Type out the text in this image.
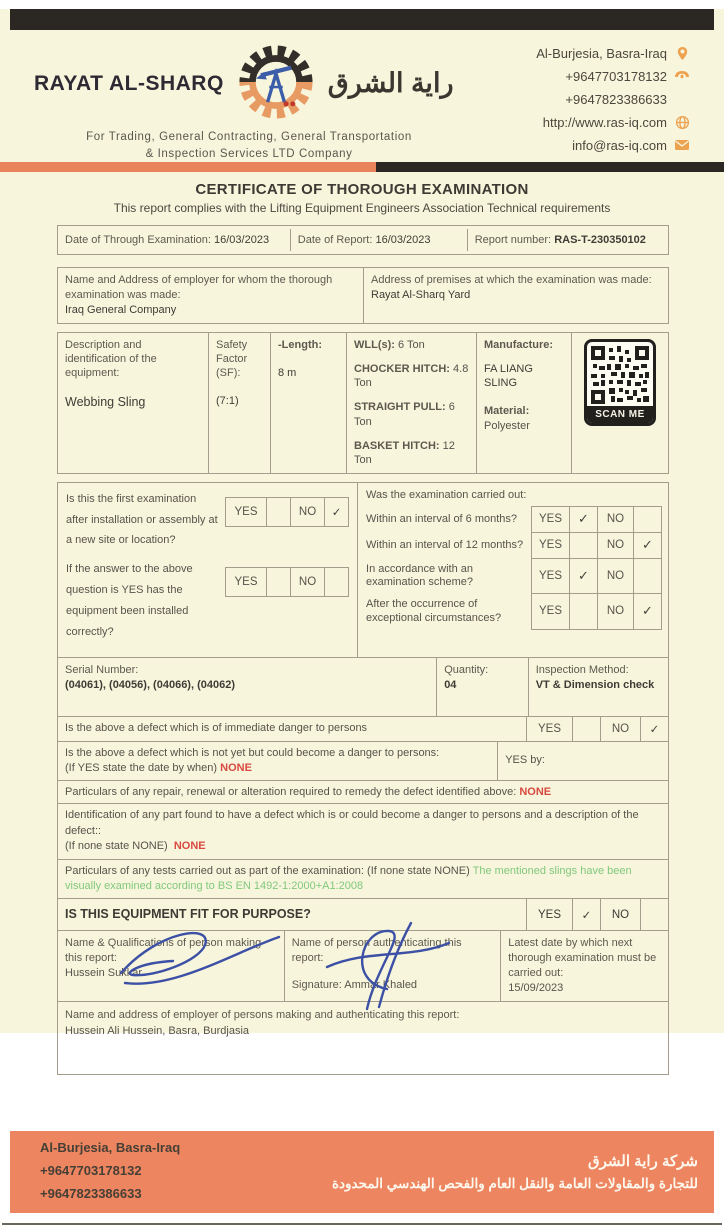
RAYAT AL-SHARQ	راية الشرق
For Trading, General Contracting, General Transportation
& Inspection Services LTD Company
Al-Burjesia, Basra-Iraq
+9647703178132
+9647823386633
http://www.ras-iq.com
info@ras-iq.com
CERTIFICATE OF THOROUGH EXAMINATION
This report complies with the Lifting Equipment Engineers Association Technical requirements
Date of Through Examination: 16/03/2023	Date of Report: 16/03/2023	Report number: RAS-T-230350102
Name and Address of employer for whom the thorough examination was made:
Iraq General Company
Address of premises at which the examination was made:
Rayat Al-Sharq Yard
Description and identification of the equipment:
Webbing Sling
Safety Factor (SF):
(7:1)
-Length:
8 m
WLL(s): 6 Ton
CHOCKER HITCH: 4.8 Ton
STRAIGHT PULL: 6 Ton
BASKET HITCH: 12 Ton
Manufacture:
FA LIANG SLING
Material:
Polyester
SCAN ME
Is this the first examination after installation or assembly at a new site or location?
YES	NO	✓
If the answer to the above question is YES has the equipment been installed correctly?
YES	NO
Was the examination carried out:
Within an interval of 6 months?	YES	✓	NO
Within an interval of 12 months?	YES	NO	✓
In accordance with an examination scheme?
YES	✓	NO
After the occurrence of exceptional circumstances?
YES	NO	✓
Serial Number:
(04061), (04056), (04066), (04062)
Quantity:
04
Inspection Method:
VT & Dimension check
Is the above a defect which is of immediate danger to persons	YES	NO	✓
Is the above a defect which is not yet but could become a danger to persons:
(If YES state the date by when) NONE
YES by:
Particulars of any repair, renewal or alteration required to remedy the defect identified above: NONE
Identification of any part found to have a defect which is or could become a danger to persons and a description of the defect::
(If none state NONE) NONE
Particulars of any tests carried out as part of the examination: (If none state NONE) The mentioned slings have been visually examined according to BS EN 1492-1:2000+A1:2008
IS THIS EQUIPMENT FIT FOR PURPOSE?	YES	✓	NO
Name & Qualifications of person making this report:
Hussein Sukkar
Name of person authenticating this report:
Signature: Ammar Khaled
Latest date by which next thorough examination must be carried out:
15/09/2023
Name and address of employer of persons making and authenticating this report:
Hussein Ali Hussein, Basra, Burdjasia
Al-Burjesia, Basra-Iraq
+9647703178132
+9647823386633
شركة راية الشرق
للتجارة والمقاولات العامة والنقل العام والفحص الهندسي المحدودة
